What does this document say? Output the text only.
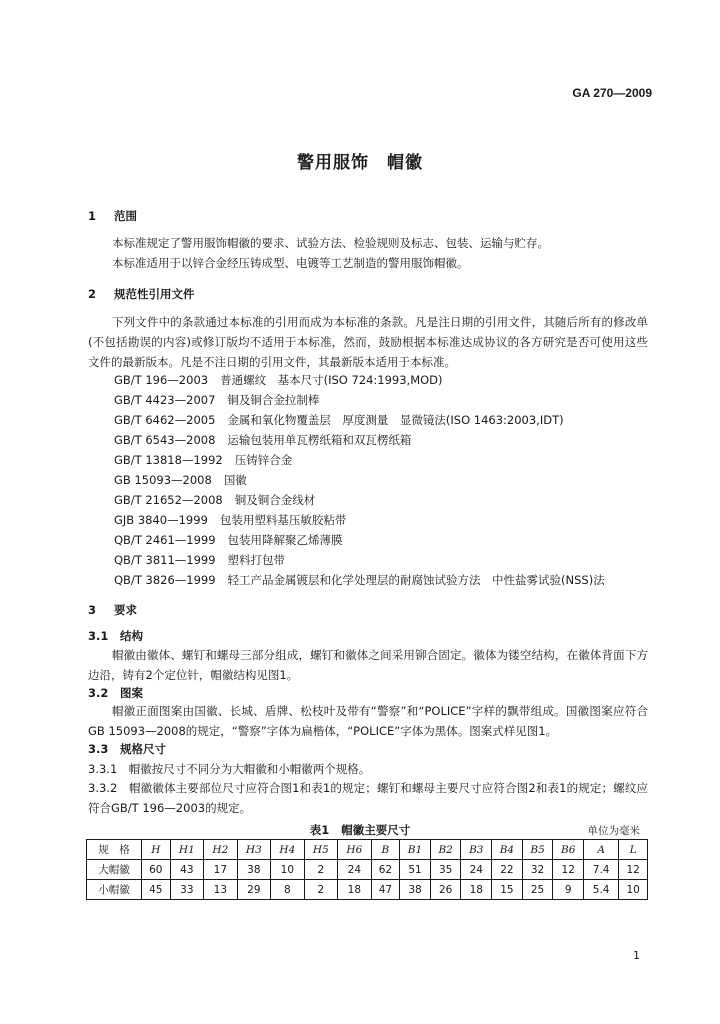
GA 270—2009
警用服饰　帽徽
1 范围
本标准规定了警用服饰帽徽的要求、试验方法、检验规则及标志、包装、运输与贮存。
本标准适用于以锌合金经压铸成型、电镀等工艺制造的警用服饰帽徽。
2 规范性引用文件
下列文件中的条款通过本标准的引用而成为本标准的条款。凡是注日期的引用文件，其随后所有的修改单(不包括勘误的内容)或修订版均不适用于本标准，然而，鼓励根据本标准达成协议的各方研究是否可使用这些文件的最新版本。凡是不注日期的引用文件，其最新版本适用于本标准。
GB/T 196—2003 普通螺纹　基本尺寸(ISO 724:1993,MOD)
GB/T 4423—2007 铜及铜合金拉制棒
GB/T 6462—2005 金属和氧化物覆盖层　厚度测量　显微镜法(ISO 1463:2003,IDT)
GB/T 6543—2008 运输包装用单瓦楞纸箱和双瓦楞纸箱
GB/T 13818—1992 压铸锌合金
GB 15093—2008 国徽
GB/T 21652—2008 铜及铜合金线材
GJB 3840—1999 包装用塑料基压敏胶粘带
QB/T 2461—1999 包装用降解聚乙烯薄膜
QB/T 3811—1999 塑料打包带
QB/T 3826—1999 轻工产品金属镀层和化学处理层的耐腐蚀试验方法　中性盐雾试验(NSS)法
3 要求
3.1 结构
帽徽由徽体、螺钉和螺母三部分组成，螺钉和徽体之间采用铆合固定。徽体为镂空结构，在徽体背面下方边沿，铸有2个定位针，帽徽结构见图1。
3.2 图案
帽徽正面图案由国徽、长城、盾牌、松枝叶及带有“警察”和“POLICE”字样的飘带组成。国徽图案应符合GB 15093—2008的规定，“警察”字体为扁楷体，“POLICE”字体为黑体。图案式样见图1。
3.3 规格尺寸
3.3.1　帽徽按尺寸不同分为大帽徽和小帽徽两个规格。
3.3.2　帽徽徽体主要部位尺寸应符合图1和表1的规定；螺钉和螺母主要尺寸应符合图2和表1的规定；螺纹应符合GB/T 196—2003的规定。
表1 帽徽主要尺寸	单位为毫米
规　格	H	H1	H2	H3	H4	H5	H6	B	B1	B2	B3	B4	B5	B6	A	L
大帽徽	60	43	17	38	10	2	24	62	51	35	24	22	32	12	7.4	12
小帽徽	45	33	13	29	8	2	18	47	38	26	18	15	25	9	5.4	10
1
